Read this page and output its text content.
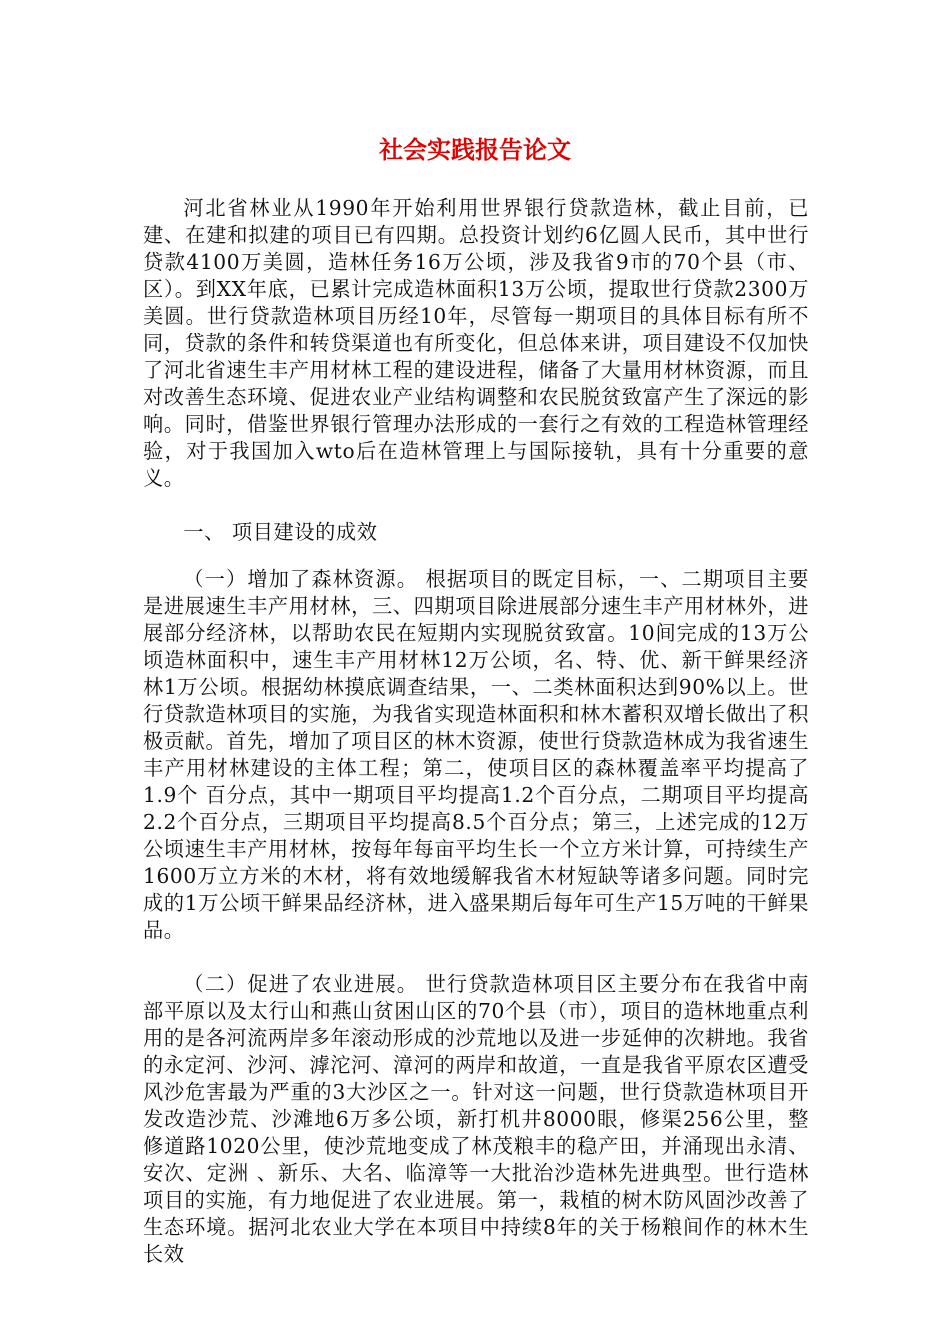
社会实践报告论文

河北省林业从1990年开始利用世界银行贷款造林，截止目前，已建、在建和拟建的项目已有四期。总投资计划约6亿圆人民币，其中世行贷款4100万美圆，造林任务16万公顷，涉及我省9市的70个县（市、区）。到XX年底，已累计完成造林面积13万公顷，提取世行贷款2300万美圆。世行贷款造林项目历经10年，尽管每一期项目的具体目标有所不同，贷款的条件和转贷渠道也有所变化，但总体来讲，项目建设不仅加快了河北省速生丰产用材林工程的建设进程，储备了大量用材林资源，而且对改善生态环境、促进农业产业结构调整和农民脱贫致富产生了深远的影响。同时，借鉴世界银行管理办法形成的一套行之有效的工程造林管理经验，对于我国加入wto后在造林管理上与国际接轨，具有十分重要的意义。

一、 项目建设的成效

（一）增加了森林资源。 根据项目的既定目标，一、二期项目主要是进展速生丰产用材林，三、四期项目除进展部分速生丰产用材林外，进展部分经济林，以帮助农民在短期内实现脱贫致富。10间完成的13万公顷造林面积中，速生丰产用材林12万公顷，名、特、优、新干鲜果经济林1万公顷。根据幼林摸底调查结果，一、二类林面积达到90%以上。世行贷款造林项目的实施，为我省实现造林面积和林木蓄积双增长做出了积极贡献。首先，增加了项目区的林木资源，使世行贷款造林成为我省速生丰产用材林建设的主体工程；第二，使项目区的森林覆盖率平均提高了1.9个 百分点，其中一期项目平均提高1.2个百分点，二期项目平均提高2.2个百分点，三期项目平均提高8.5个百分点；第三，上述完成的12万公顷速生丰产用材林，按每年每亩平均生长一个立方米计算，可持续生产1600万立方米的木材，将有效地缓解我省木材短缺等诸多问题。同时完成的1万公顷干鲜果品经济林，进入盛果期后每年可生产15万吨的干鲜果品。

（二）促进了农业进展。 世行贷款造林项目区主要分布在我省中南部平原以及太行山和燕山贫困山区的70个县（市），项目的造林地重点利用的是各河流两岸多年滚动形成的沙荒地以及进一步延伸的次耕地。我省的永定河、沙河、滹沱河、漳河的两岸和故道，一直是我省平原农区遭受风沙危害最为严重的3大沙区之一。针对这一问题，世行贷款造林项目开发改造沙荒、沙滩地6万多公顷，新打机井8000眼，修渠256公里，整修道路1020公里，使沙荒地变成了林茂粮丰的稳产田，并涌现出永清、安次、定洲 、新乐、大名、临漳等一大批治沙造林先进典型。世行造林项目的实施，有力地促进了农业进展。第一，栽植的树木防风固沙改善了生态环境。据河北农业大学在本项目中持续8年的关于杨粮间作的林木生长效
